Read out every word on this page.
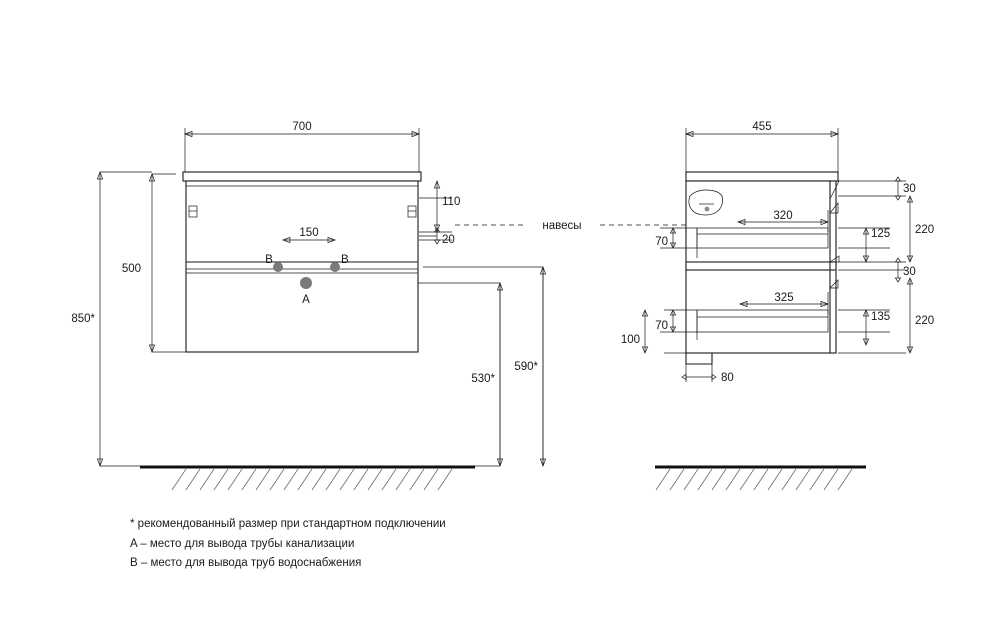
700
110
20
150
500
850*
530*
590*
B	B
A
навесы
455
30
320
70
125 220
30
325
70
135 220
100
80
* рекомендованный размер при стандартном подключении
A – место для вывода трубы канализации
B – место для вывода труб водоснабжения
